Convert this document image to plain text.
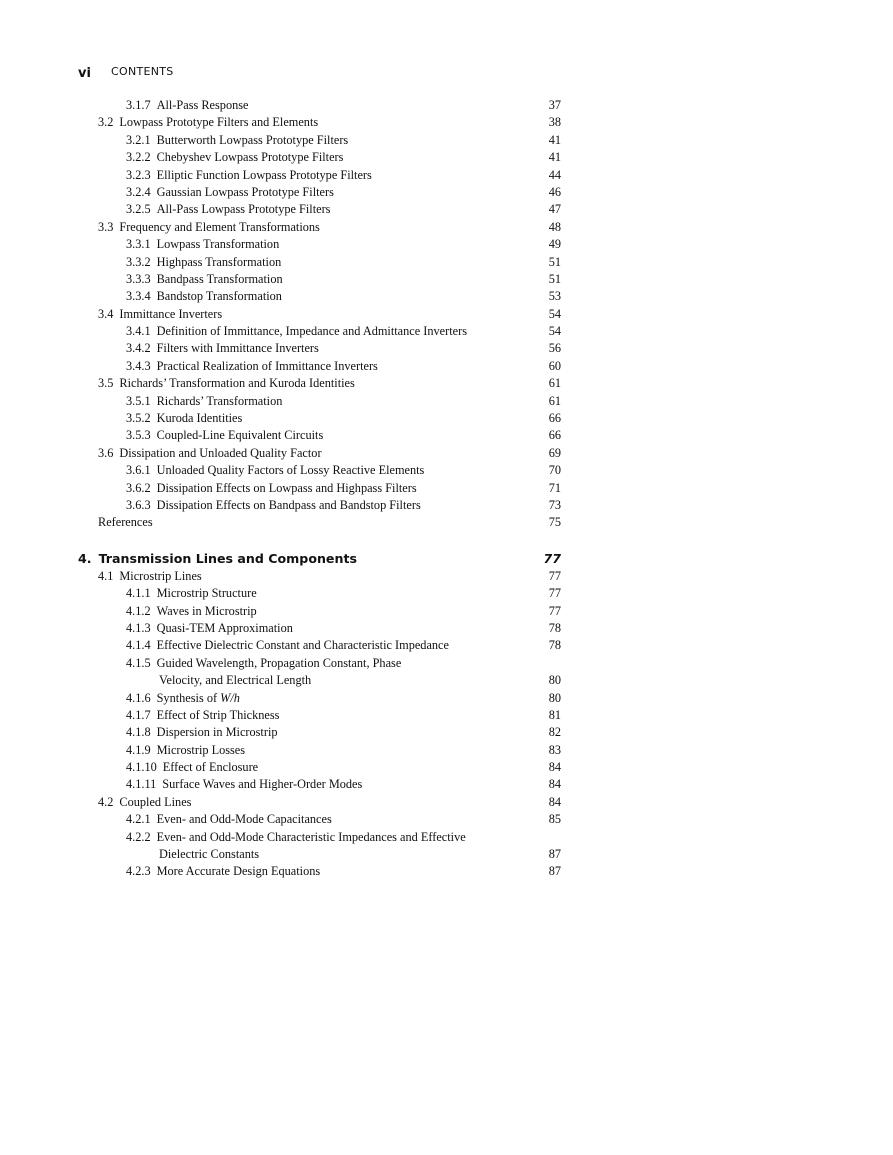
vi CONTENTS
3.1.7 All-Pass Response	37
3.2 Lowpass Prototype Filters and Elements	38
3.2.1 Butterworth Lowpass Prototype Filters	41
3.2.2 Chebyshev Lowpass Prototype Filters	41
3.2.3 Elliptic Function Lowpass Prototype Filters	44
3.2.4 Gaussian Lowpass Prototype Filters	46
3.2.5 All-Pass Lowpass Prototype Filters	47
3.3 Frequency and Element Transformations	48
3.3.1 Lowpass Transformation	49
3.3.2 Highpass Transformation	51
3.3.3 Bandpass Transformation	51
3.3.4 Bandstop Transformation	53
3.4 Immittance Inverters	54
3.4.1 Definition of Immittance, Impedance and Admittance Inverters	54
3.4.2 Filters with Immittance Inverters	56
3.4.3 Practical Realization of Immittance Inverters	60
3.5 Richards’ Transformation and Kuroda Identities	61
3.5.1 Richards’ Transformation	61
3.5.2 Kuroda Identities	66
3.5.3 Coupled-Line Equivalent Circuits	66
3.6 Dissipation and Unloaded Quality Factor	69
3.6.1 Unloaded Quality Factors of Lossy Reactive Elements	70
3.6.2 Dissipation Effects on Lowpass and Highpass Filters	71
3.6.3 Dissipation Effects on Bandpass and Bandstop Filters	73
References	75
4. Transmission Lines and Components	77
4.1 Microstrip Lines	77
4.1.1 Microstrip Structure	77
4.1.2 Waves in Microstrip	77
4.1.3 Quasi-TEM Approximation	78
4.1.4 Effective Dielectric Constant and Characteristic Impedance	78
4.1.5 Guided Wavelength, Propagation Constant, Phase
Velocity, and Electrical Length	80
4.1.6 Synthesis of W/h	80
4.1.7 Effect of Strip Thickness	81
4.1.8 Dispersion in Microstrip	82
4.1.9 Microstrip Losses	83
4.1.10 Effect of Enclosure	84
4.1.11 Surface Waves and Higher-Order Modes	84
4.2 Coupled Lines	84
4.2.1 Even- and Odd-Mode Capacitances	85
4.2.2 Even- and Odd-Mode Characteristic Impedances and Effective
Dielectric Constants	87
4.2.3 More Accurate Design Equations	87
